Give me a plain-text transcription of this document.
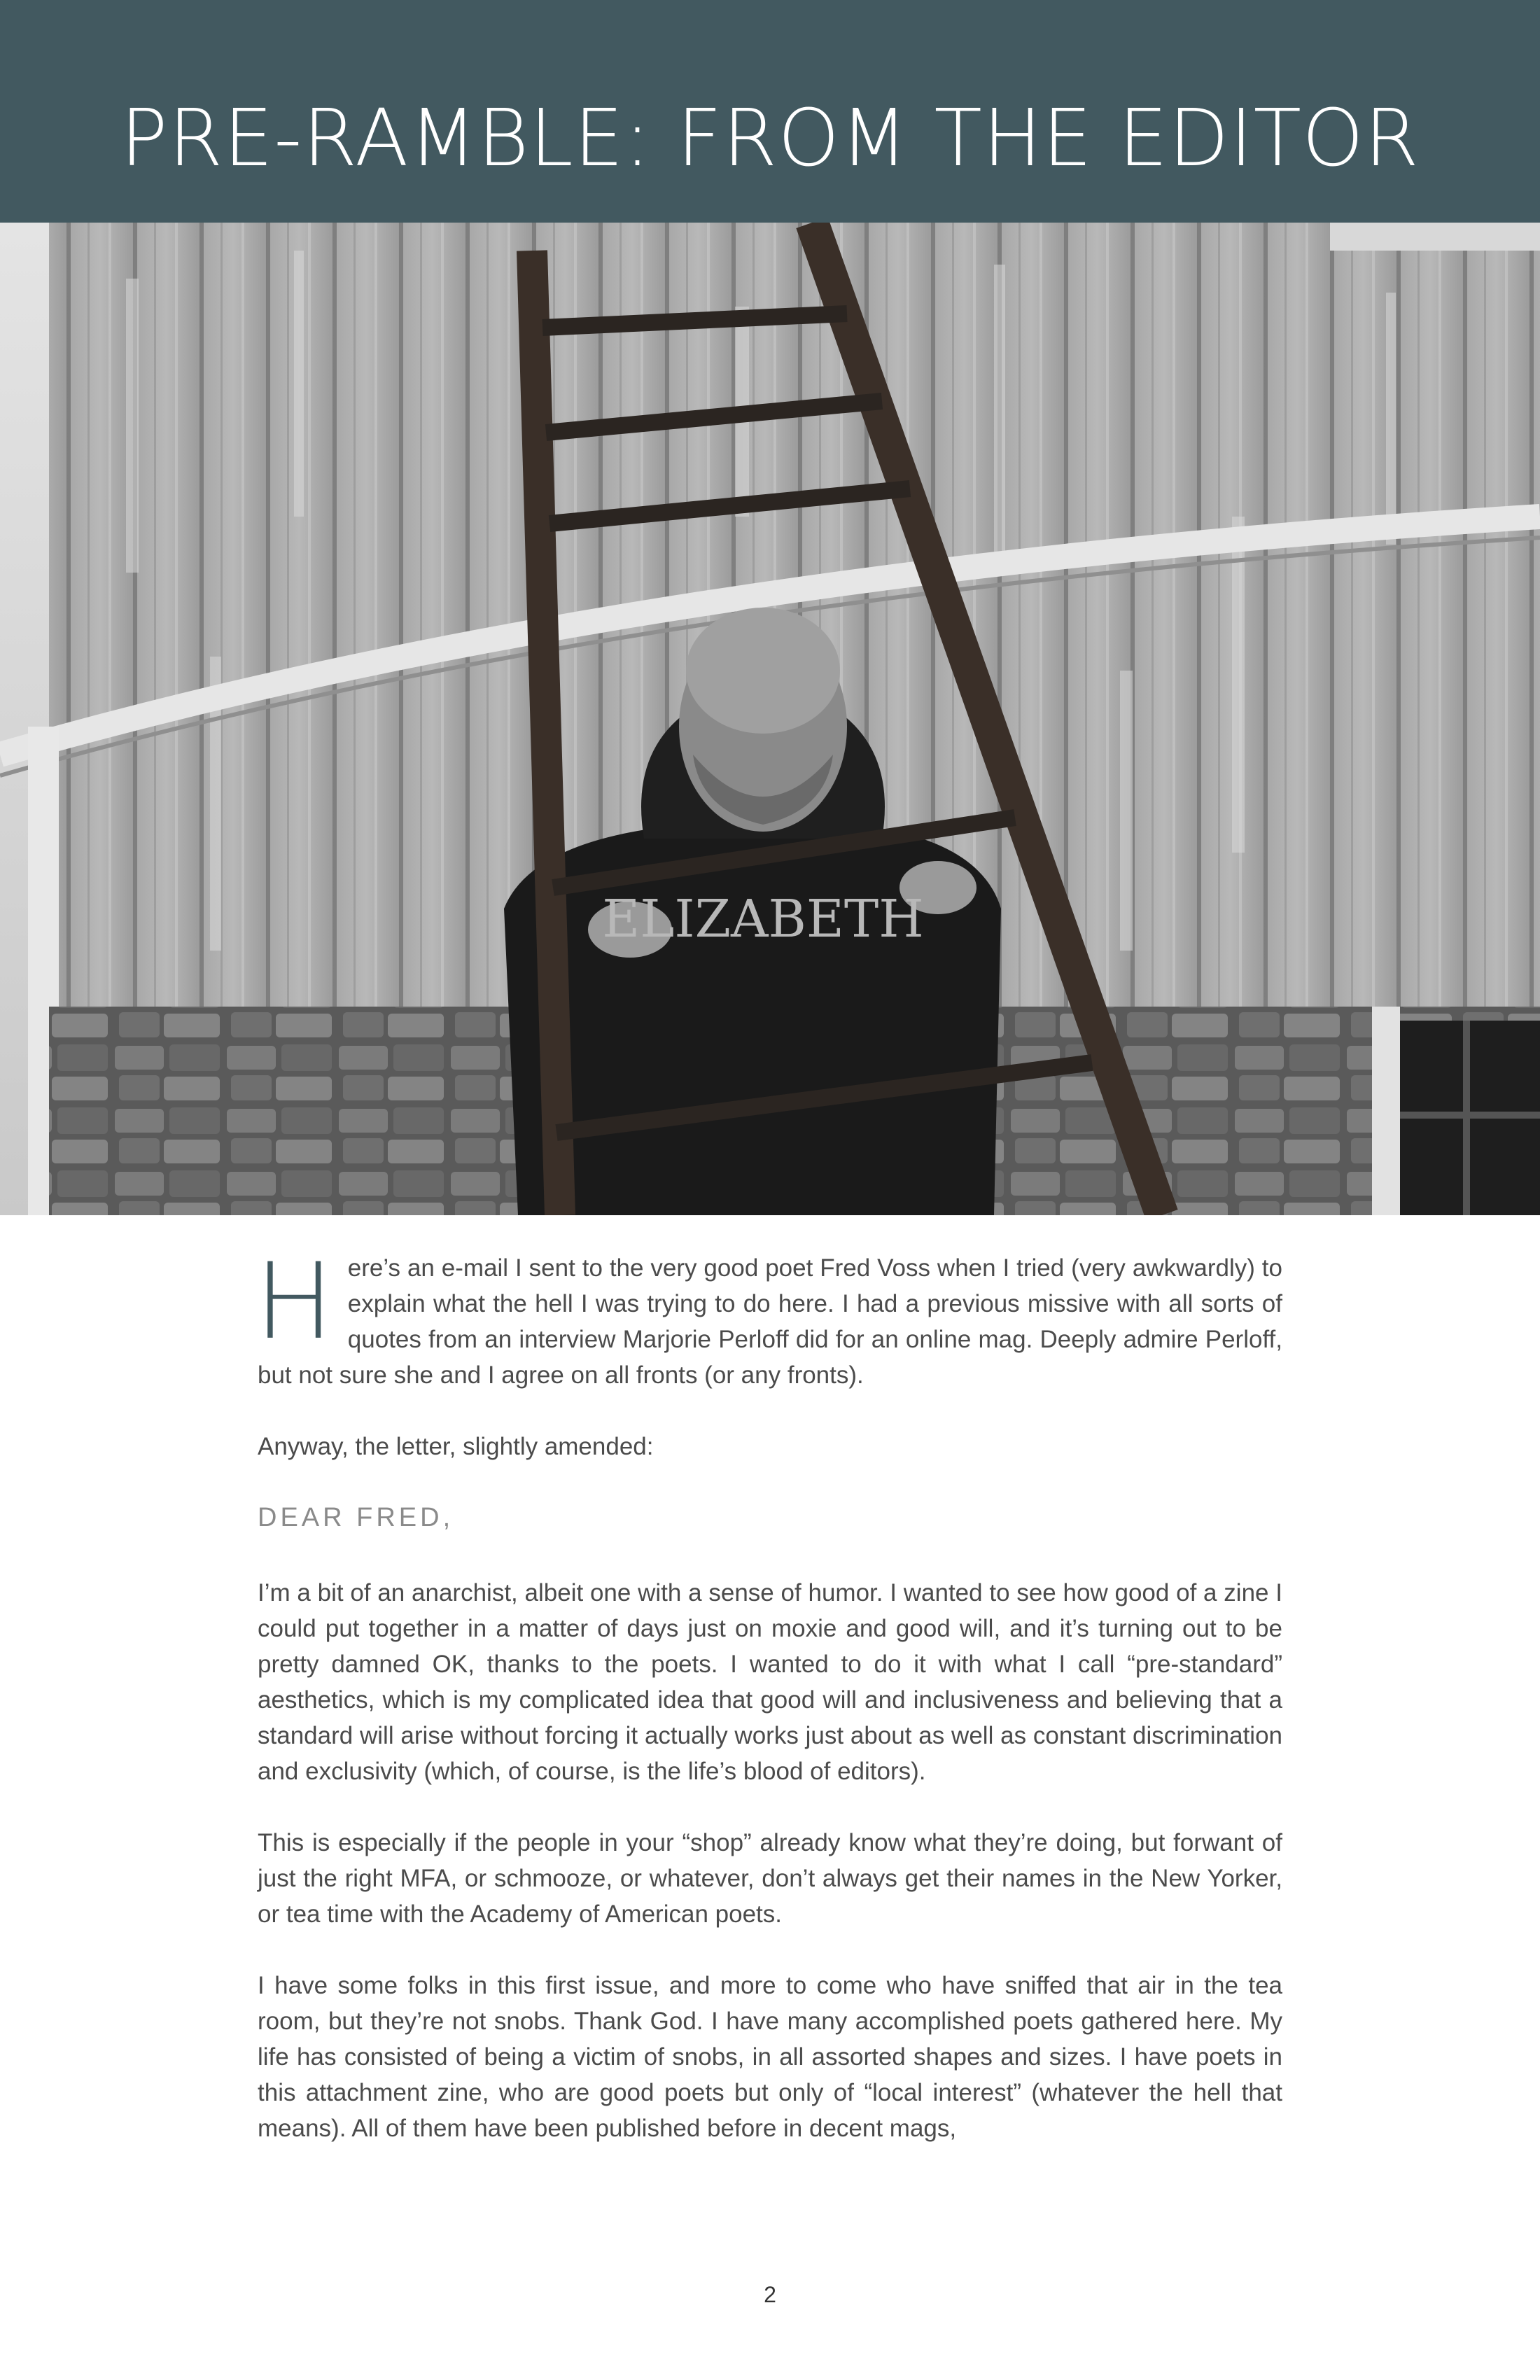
PRE-RAMBLE: FROM THE EDITOR
ELIZABETH

Here’s an e-mail I sent to the very good poet Fred Voss when I tried (very awkwardly) to explain what the hell I was trying to do here. I had a previous missive with all sorts of quotes from an interview Marjorie Perloff did for an online mag. Deeply admire Perloff, but not sure she and I agree on all fronts (or any fronts).

Anyway, the letter, slightly amended:

DEAR FRED,

I’m a bit of an anarchist, albeit one with a sense of humor. I wanted to see how good of a zine I could put together in a matter of days just on moxie and good will, and it’s turning out to be pretty damned OK, thanks to the poets. I wanted to do it with what I call “pre-standard” aesthetics, which is my complicated idea that good will and inclusiveness and believing that a standard will arise without forcing it actually works just about as well as constant discrimination and exclusivity (which, of course, is the life’s blood of editors).

This is especially if the people in your “shop” already know what they’re doing, but forwant of just the right MFA, or schmooze, or whatever, don’t always get their names in the New Yorker, or tea time with the Academy of American poets.

I have some folks in this first issue, and more to come who have sniffed that air in the tea room, but they’re not snobs. Thank God. I have many accomplished poets gathered here. My life has consisted of being a victim of snobs, in all assorted shapes and sizes. I have poets in this attachment zine, who are good poets but only of “local interest” (whatever the hell that means). All of them have been published before in decent mags,

2
